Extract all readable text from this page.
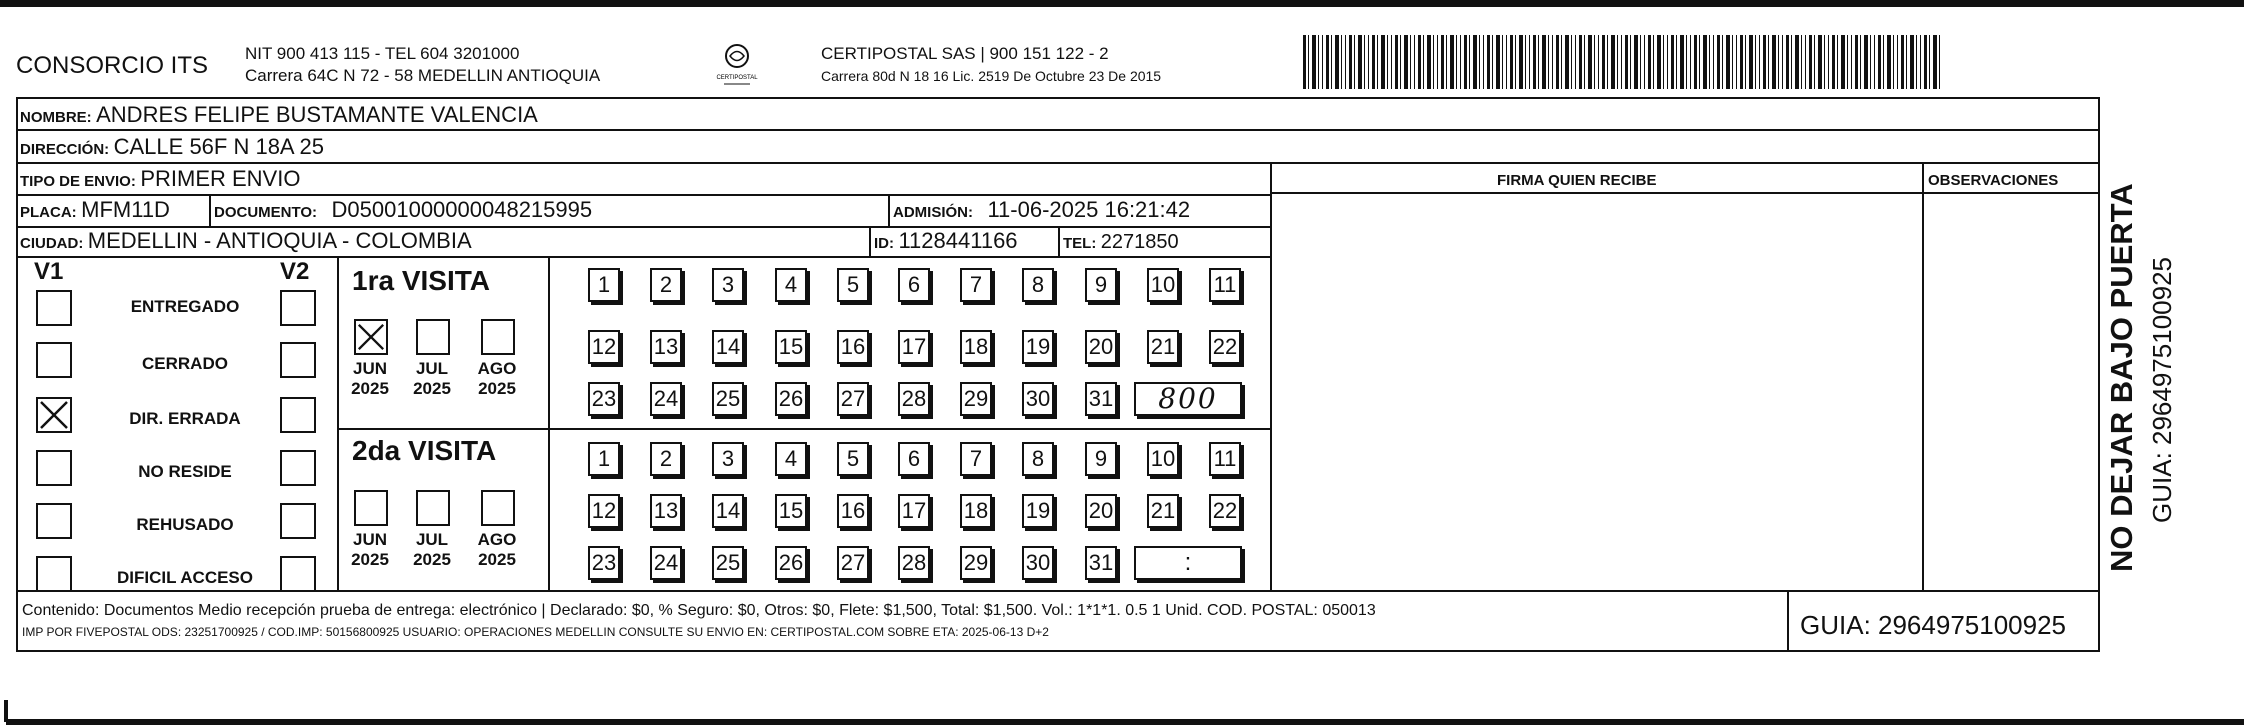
CONSORCIO ITS NIT 900 413 115 - TEL 604 3201000
Carrera 64C N 72 - 58 MEDELLIN ANTIOQUIA	CERTIPOSTAL
CERTIPOSTAL SAS | 900 151 122 - 2
Carrera 80d N 18 16 Lic. 2519 De Octubre 23 De 2015
NOMBRE: ANDRES FELIPE BUSTAMANTE VALENCIA
DIRECCIÓN: CALLE 56F N 18A 25
TIPO DE ENVIO: PRIMER ENVIO	FIRMA QUIEN RECIBE	OBSERVACIONES
PLACA: MFM11D	DOCUMENTO: D05001000000048215995	ADMISIÓN: 11-06-2025 16:21:42
CIUDAD: MEDELLIN - ANTIOQUIA - COLOMBIA	ID: 1128441166	TEL: 2271850
V1	V2
ENTREGADO
CERRADO
DIR. ERRADA
NO RESIDE
REHUSADO
DIFICIL ACCESO
1ra VISITA
2da VISITA
JUN
2025
JUL
2025
AGO
2025
JUN
2025
JUL
2025
AGO
2025
1	2	3	4	5	6	7	8	9	10 11
12 13 14 15 16 17 18 19 20 21 22
23 24 25 26 27 28 29 30 31	800
1	2	3	4	5	6	7	8	9	10 11
12 13 14 15 16 17 18 19 20 21 22
23 24 25 26 27 28 29 30 31	:
Contenido: Documentos Medio recepción prueba de entrega: electrónico | Declarado: $0, % Seguro: $0, Otros: $0, Flete: $1,500, Total: $1,500. Vol.: 1*1*1. 0.5 1 Unid. COD. POSTAL: 050013
IMP POR FIVEPOSTAL ODS: 23251700925 / COD.IMP: 50156800925 USUARIO: OPERACIONES MEDELLIN CONSULTE SU ENVIO EN: CERTIPOSTAL.COM SOBRE ETA: 2025-06-13 D+2	GUIA: 2964975100925
NO DEJAR BAJO PUERTA GUIA: 2964975100925
